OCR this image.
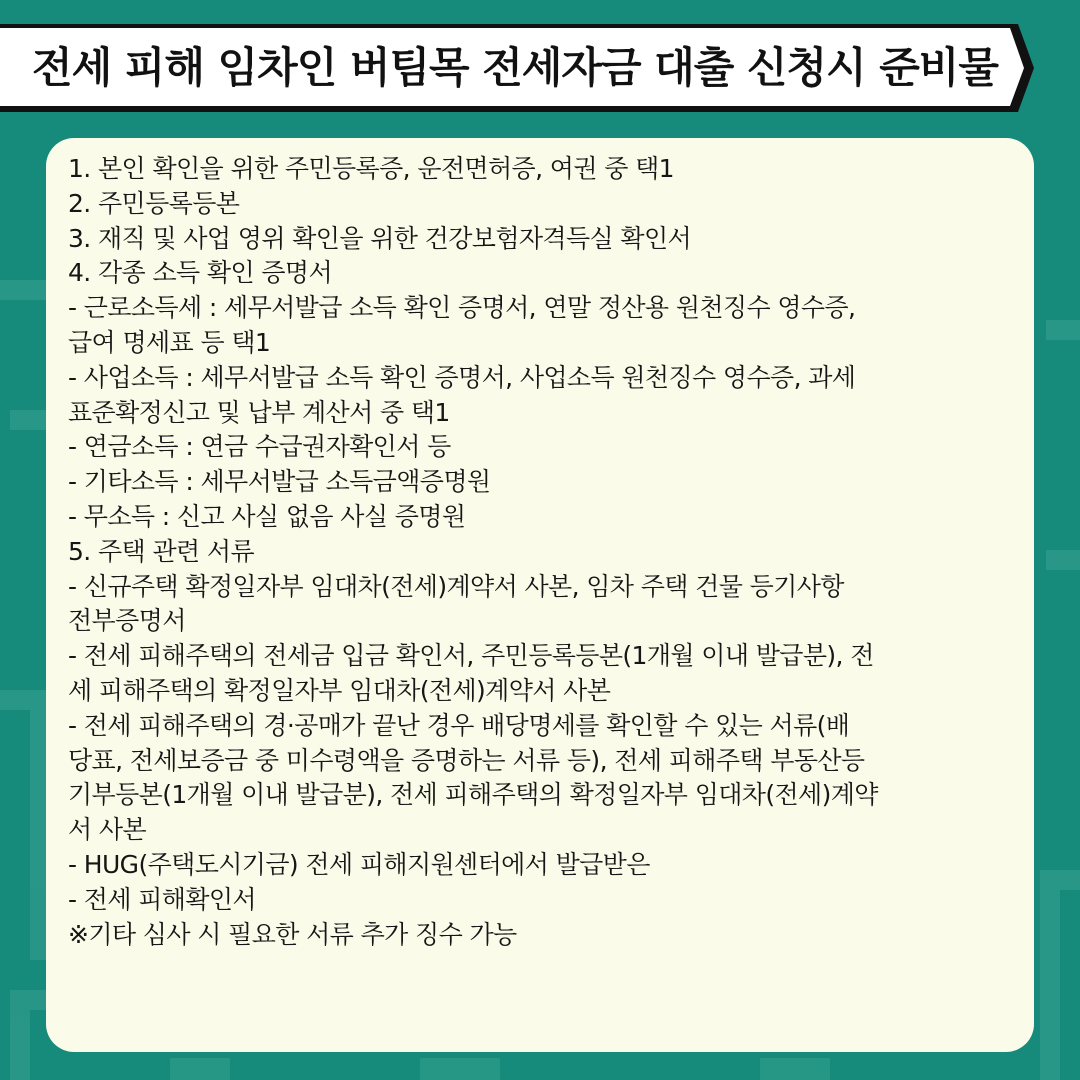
전세 피해 임차인 버팀목 전세자금 대출 신청시 준비물
1. 본인 확인을 위한 주민등록증, 운전면허증, 여권 중 택1
2. 주민등록등본
3. 재직 및 사업 영위 확인을 위한 건강보험자격득실 확인서
4. 각종 소득 확인 증명서
- 근로소득세 : 세무서발급 소득 확인 증명서, 연말 정산용 원천징수 영수증,
급여 명세표 등 택1
- 사업소득 : 세무서발급 소득 확인 증명서, 사업소득 원천징수 영수증, 과세
표준확정신고 및 납부 계산서 중 택1
- 연금소득 : 연금 수급권자확인서 등
- 기타소득 : 세무서발급 소득금액증명원
- 무소득 : 신고 사실 없음 사실 증명원
5. 주택 관련 서류
- 신규주택 확정일자부 임대차(전세)계약서 사본, 임차 주택 건물 등기사항
전부증명서
- 전세 피해주택의 전세금 입금 확인서, 주민등록등본(1개월 이내 발급분), 전
세 피해주택의 확정일자부 임대차(전세)계약서 사본
- 전세 피해주택의 경·공매가 끝난 경우 배당명세를 확인할 수 있는 서류(배
당표, 전세보증금 중 미수령액을 증명하는 서류 등), 전세 피해주택 부동산등
기부등본(1개월 이내 발급분), 전세 피해주택의 확정일자부 임대차(전세)계약
서 사본
- HUG(주택도시기금) 전세 피해지원센터에서 발급받은
- 전세 피해확인서
※기타 심사 시 필요한 서류 추가 징수 가능
